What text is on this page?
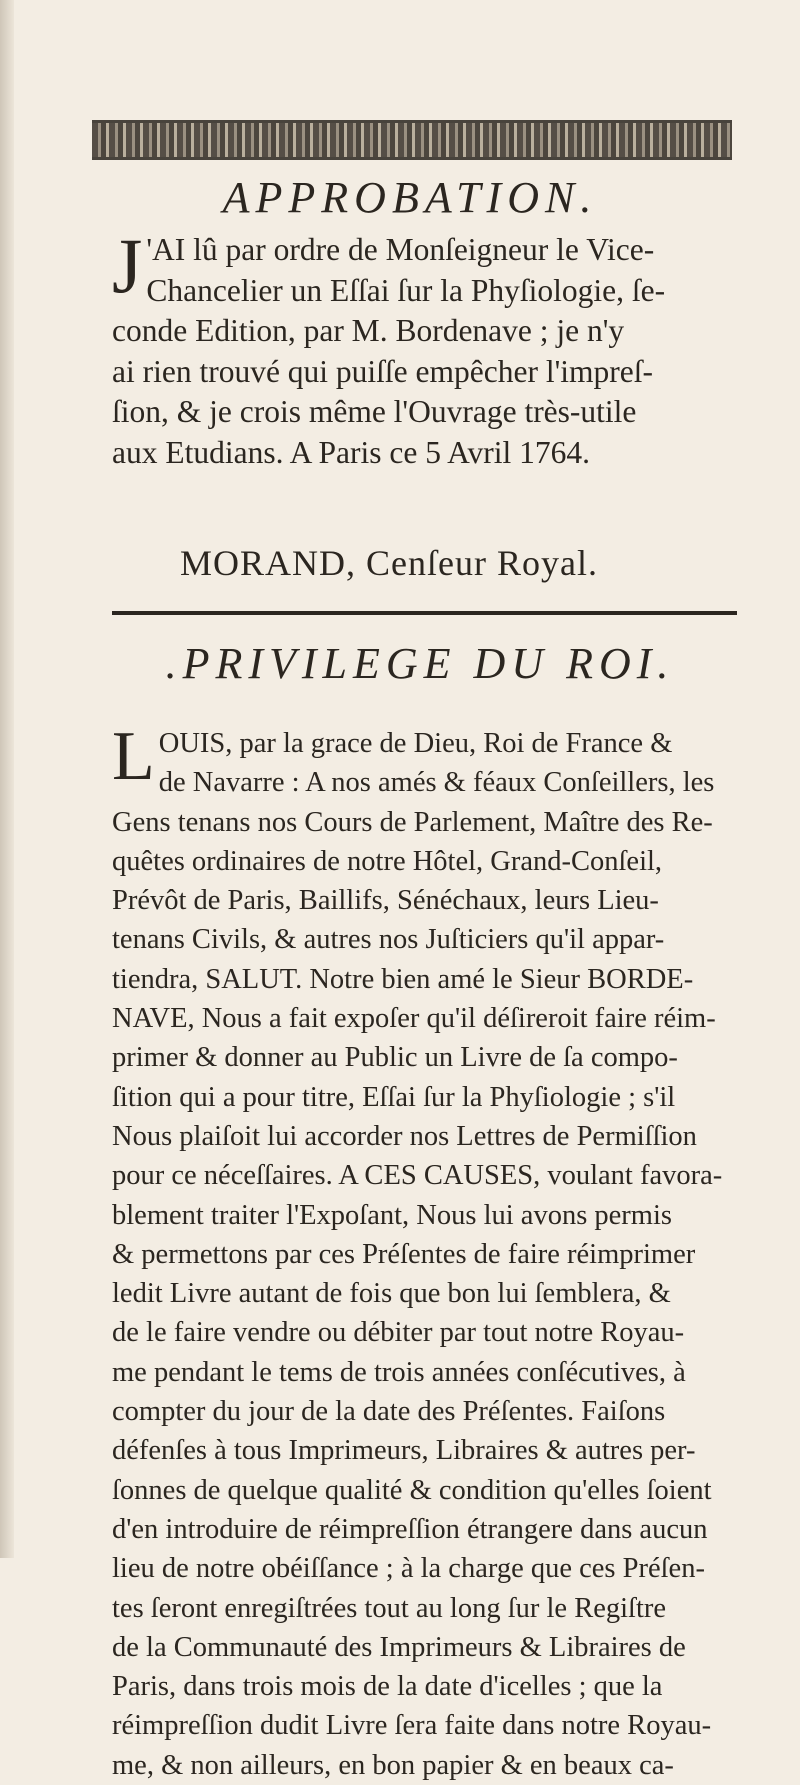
APPROBATION.
J 'AI lû par ordre de Monſeigneur le Vice-
Chancelier un Eſſai ſur la Phyſiologie, ſe-
conde Edition, par M. Bordenave ; je n'y
ai rien trouvé qui puiſſe empêcher l'impreſ-
ſion, & je crois même l'Ouvrage très-utile
aux Etudians. A Paris ce 5 Avril 1764.
MORAND, Cenſeur Royal.
.PRIVILEGE DU ROI.
L OUIS, par la grace de Dieu, Roi de France &
de Navarre : A nos amés & féaux Conſeillers, les
Gens tenans nos Cours de Parlement, Maître des Re-
quêtes ordinaires de notre Hôtel, Grand-Conſeil,
Prévôt de Paris, Baillifs, Sénéchaux, leurs Lieu-
tenans Civils, & autres nos Juſticiers qu'il appar-
tiendra, SALUT. Notre bien amé le Sieur BORDE-
NAVE, Nous a fait expoſer qu'il déſireroit faire réim-
primer & donner au Public un Livre de ſa compo-
ſition qui a pour titre, Eſſai ſur la Phyſiologie ; s'il
Nous plaiſoit lui accorder nos Lettres de Permiſſion
pour ce néceſſaires. A CES CAUSES, voulant favora-
blement traiter l'Expoſant, Nous lui avons permis
& permettons par ces Préſentes de faire réimprimer
ledit Livre autant de fois que bon lui ſemblera, &
de le faire vendre ou débiter par tout notre Royau-
me pendant le tems de trois années conſécutives, à
compter du jour de la date des Préſentes. Faiſons
défenſes à tous Imprimeurs, Libraires & autres per-
ſonnes de quelque qualité & condition qu'elles ſoient
d'en introduire de réimpreſſion étrangere dans aucun
lieu de notre obéiſſance ; à la charge que ces Préſen-
tes ſeront enregiſtrées tout au long ſur le Regiſtre
de la Communauté des Imprimeurs & Libraires de
Paris, dans trois mois de la date d'icelles ; que la
réimpreſſion dudit Livre ſera faite dans notre Royau-
me, & non ailleurs, en bon papier & en beaux ca-
